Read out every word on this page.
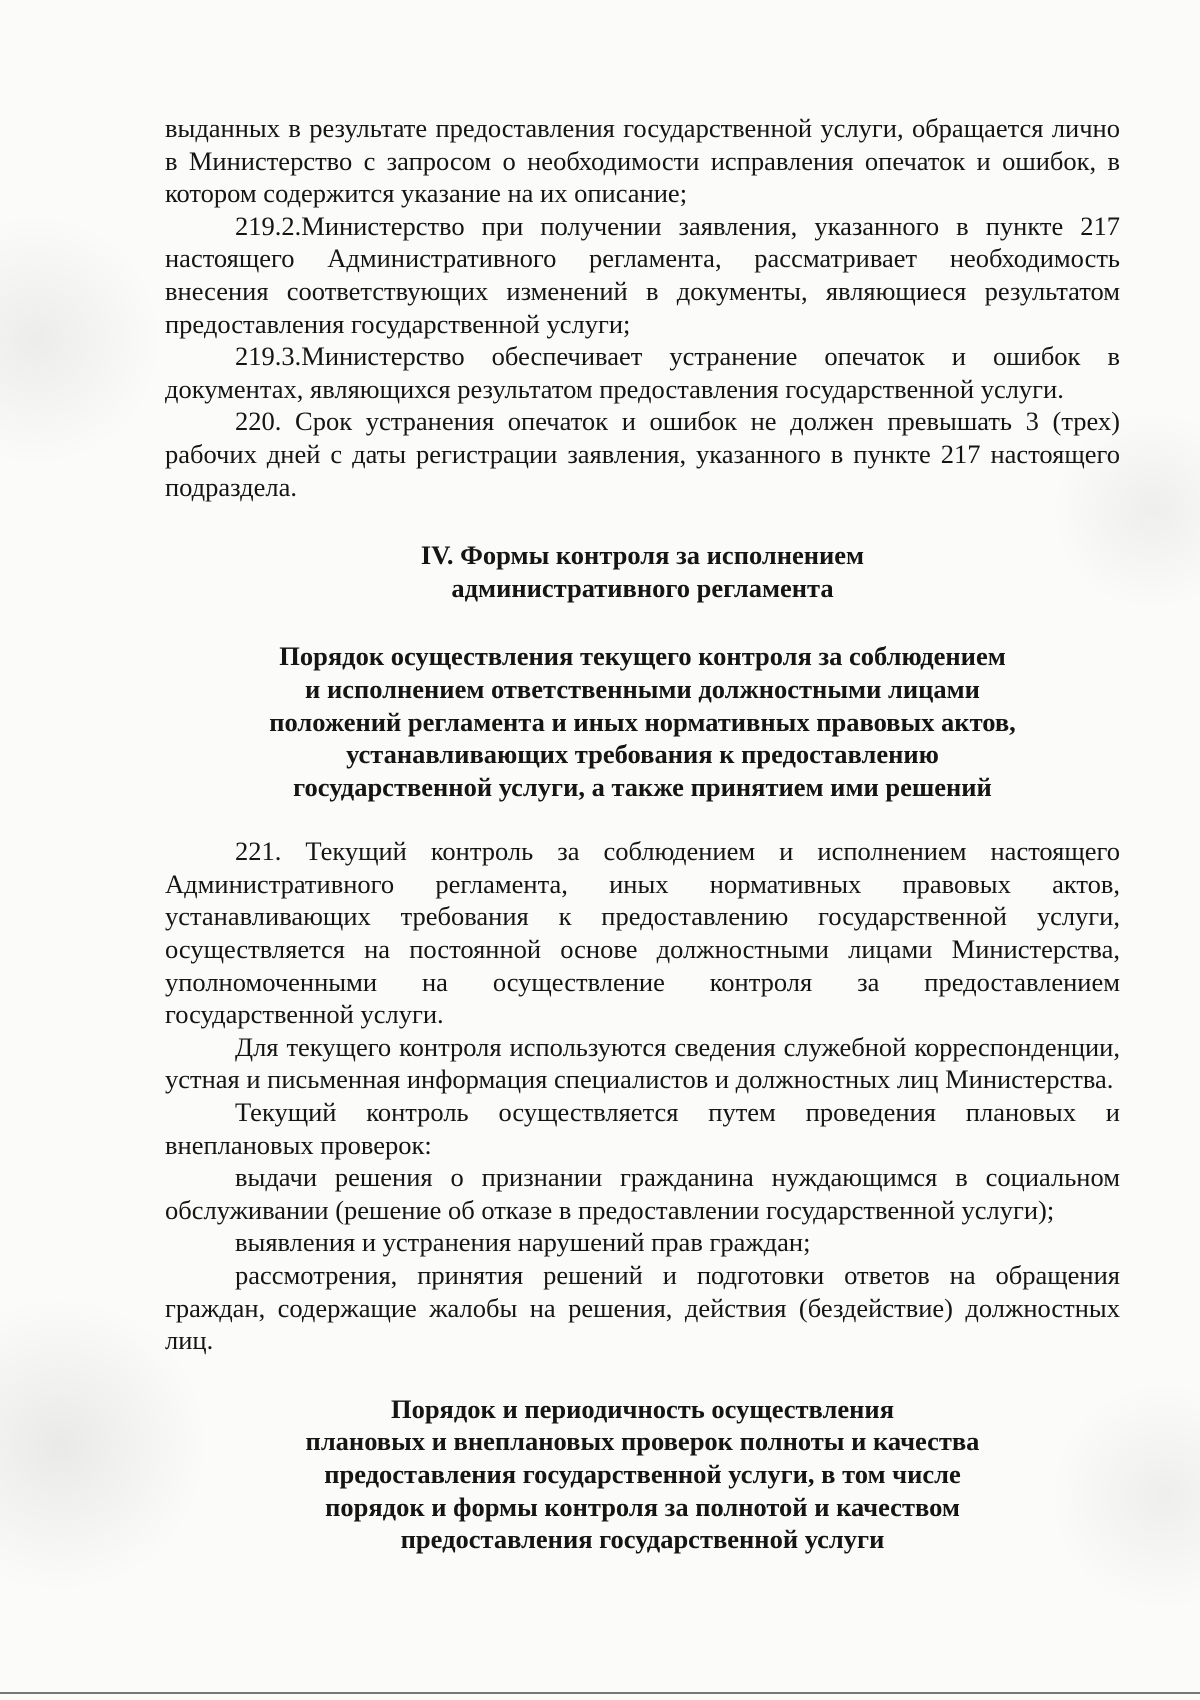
выданных в результате предоставления государственной услуги, обращается лично в Министерство с запросом о необходимости исправления опечаток и ошибок, в котором содержится указание на их описание;

219.2.Министерство при получении заявления, указанного в пункте 217 настоящего Административного регламента, рассматривает необходимость внесения соответствующих изменений в документы, являющиеся результатом предоставления государственной услуги;

219.3.Министерство обеспечивает устранение опечаток и ошибок в документах, являющихся результатом предоставления государственной услуги.

220. Срок устранения опечаток и ошибок не должен превышать 3 (трех) рабочих дней с даты регистрации заявления, указанного в пункте 217 настоящего подраздела.

IV. Формы контроля за исполнением

административного регламента

Порядок осуществления текущего контроля за соблюдением

и исполнением ответственными должностными лицами

положений регламента и иных нормативных правовых актов,

устанавливающих требования к предоставлению

государственной услуги, а также принятием ими решений

221. Текущий контроль за соблюдением и исполнением настоящего Административного регламента, иных нормативных правовых актов, устанавливающих требования к предоставлению государственной услуги, осуществляется на постоянной основе должностными лицами Министерства, уполномоченными на осуществление контроля за предоставлением государственной услуги.

Для текущего контроля используются сведения служебной корреспонденции, устная и письменная информация специалистов и должностных лиц Министерства.

Текущий контроль осуществляется путем проведения плановых и внеплановых проверок:

выдачи решения о признании гражданина нуждающимся в социальном обслуживании (решение об отказе в предоставлении государственной услуги);

выявления и устранения нарушений прав граждан;

рассмотрения, принятия решений и подготовки ответов на обращения граждан, содержащие жалобы на решения, действия (бездействие) должностных лиц.

Порядок и периодичность осуществления

плановых и внеплановых проверок полноты и качества

предоставления государственной услуги, в том числе

порядок и формы контроля за полнотой и качеством

предоставления государственной услуги
